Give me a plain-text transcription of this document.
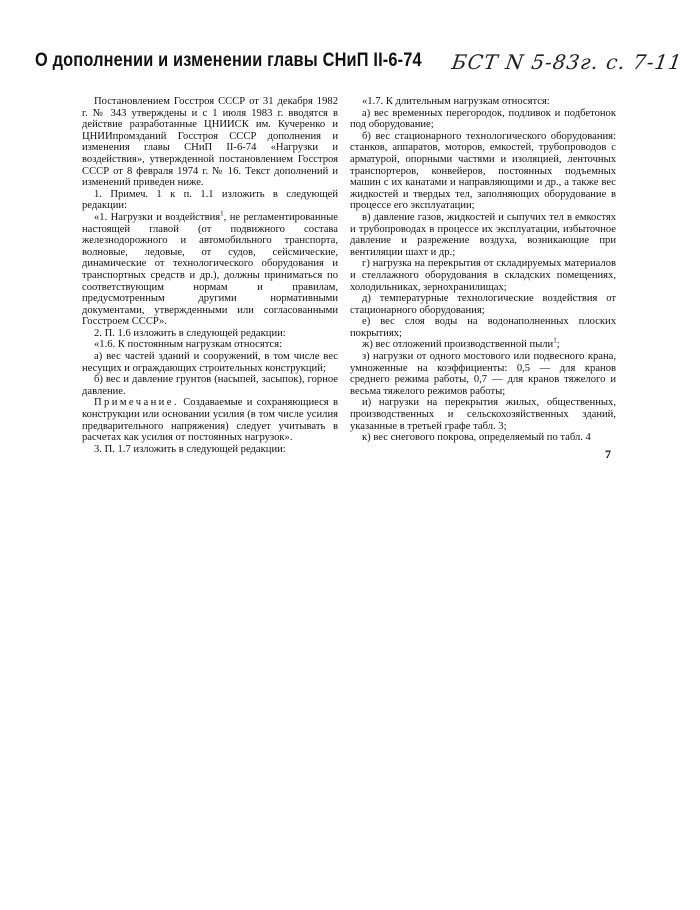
О дополнении и изменении главы СНиП II-6-74 БСТ N 5-83г. с. 7-11

Постановлением Госстроя СССР от 31 декабря 1982 г. № 343 утверждены и с 1 июля 1983 г. вводятся в действие разработанные ЦНИИСК им. Кучеренко и ЦНИИпромзданий Госстроя СССР дополнения и изменения главы СНиП II-6-74 «Нагрузки и воздействия», утвержденной постановлением Госстроя СССР от 8 февраля 1974 г. № 16. Текст дополнений и изменений приведен ниже.

1. Примеч. 1 к п. 1.1 изложить в следующей редакции:

«1. Нагрузки и воздействия$^1$, не регламентированные настоящей главой (от подвижного состава железнодорожного и автомобильного транспорта, волновые, ледовые, от судов, сейсмические, динамические от технологического оборудования и транспортных средств и др.), должны приниматься по соответствующим нормам и правилам, предусмотренным другими нормативными документами, утвержденными или согласованными Госстроем СССР».

2. П. 1.6 изложить в следующей редакции:

«1.6. К постоянным нагрузкам относятся:

а) вес частей зданий и сооружений, в том числе вес несущих и ограждающих строительных конструкций;

б) вес и давление грунтов (насыпей, засыпок), горное давление.

Примечание. Создаваемые и сохраняющиеся в конструкции или основании усилия (в том числе усилия предварительного напряжения) следует учитывать в расчетах как усилия от постоянных нагрузок».

3. П. 1.7 изложить в следующей редакции:

«1.7. К длительным нагрузкам относятся:

а) вес временных перегородок, подливок и подбетонок под оборудование;

б) вес стационарного технологического оборудования: станков, аппаратов, моторов, емкостей, трубопроводов с арматурой, опорными частями и изоляцией, ленточных транспортеров, конвейеров, постоянных подъемных машин с их канатами и направляющими и др., а также вес жидкостей и твердых тел, заполняющих оборудование в процессе его эксплуатации;

в) давление газов, жидкостей и сыпучих тел в емкостях и трубопроводах в процессе их эксплуатации, избыточное давление и разрежение воздуха, возникающие при вентиляции шахт и др.;

г) нагрузка на перекрытия от складируемых материалов и стеллажного оборудования в складских помещениях, холодильниках, зернохранилищах;

д) температурные технологические воздействия от стационарного оборудования;

е) вес слоя воды на водонаполненных плоских покрытиях;

ж) вес отложений производственной пыли$^1$;

з) нагрузки от одного мостового или подвесного крана, умноженные на коэффициенты: 0,5 — для кранов среднего режима работы, 0,7 — для кранов тяжелого и весьма тяжелого режимов работы;

и) нагрузки на перекрытия жилых, общественных, производственных и сельскохозяйственных зданий, указанные в третьей графе табл. 3;

к) вес снегового покрова, определяемый по табл. 4

7
